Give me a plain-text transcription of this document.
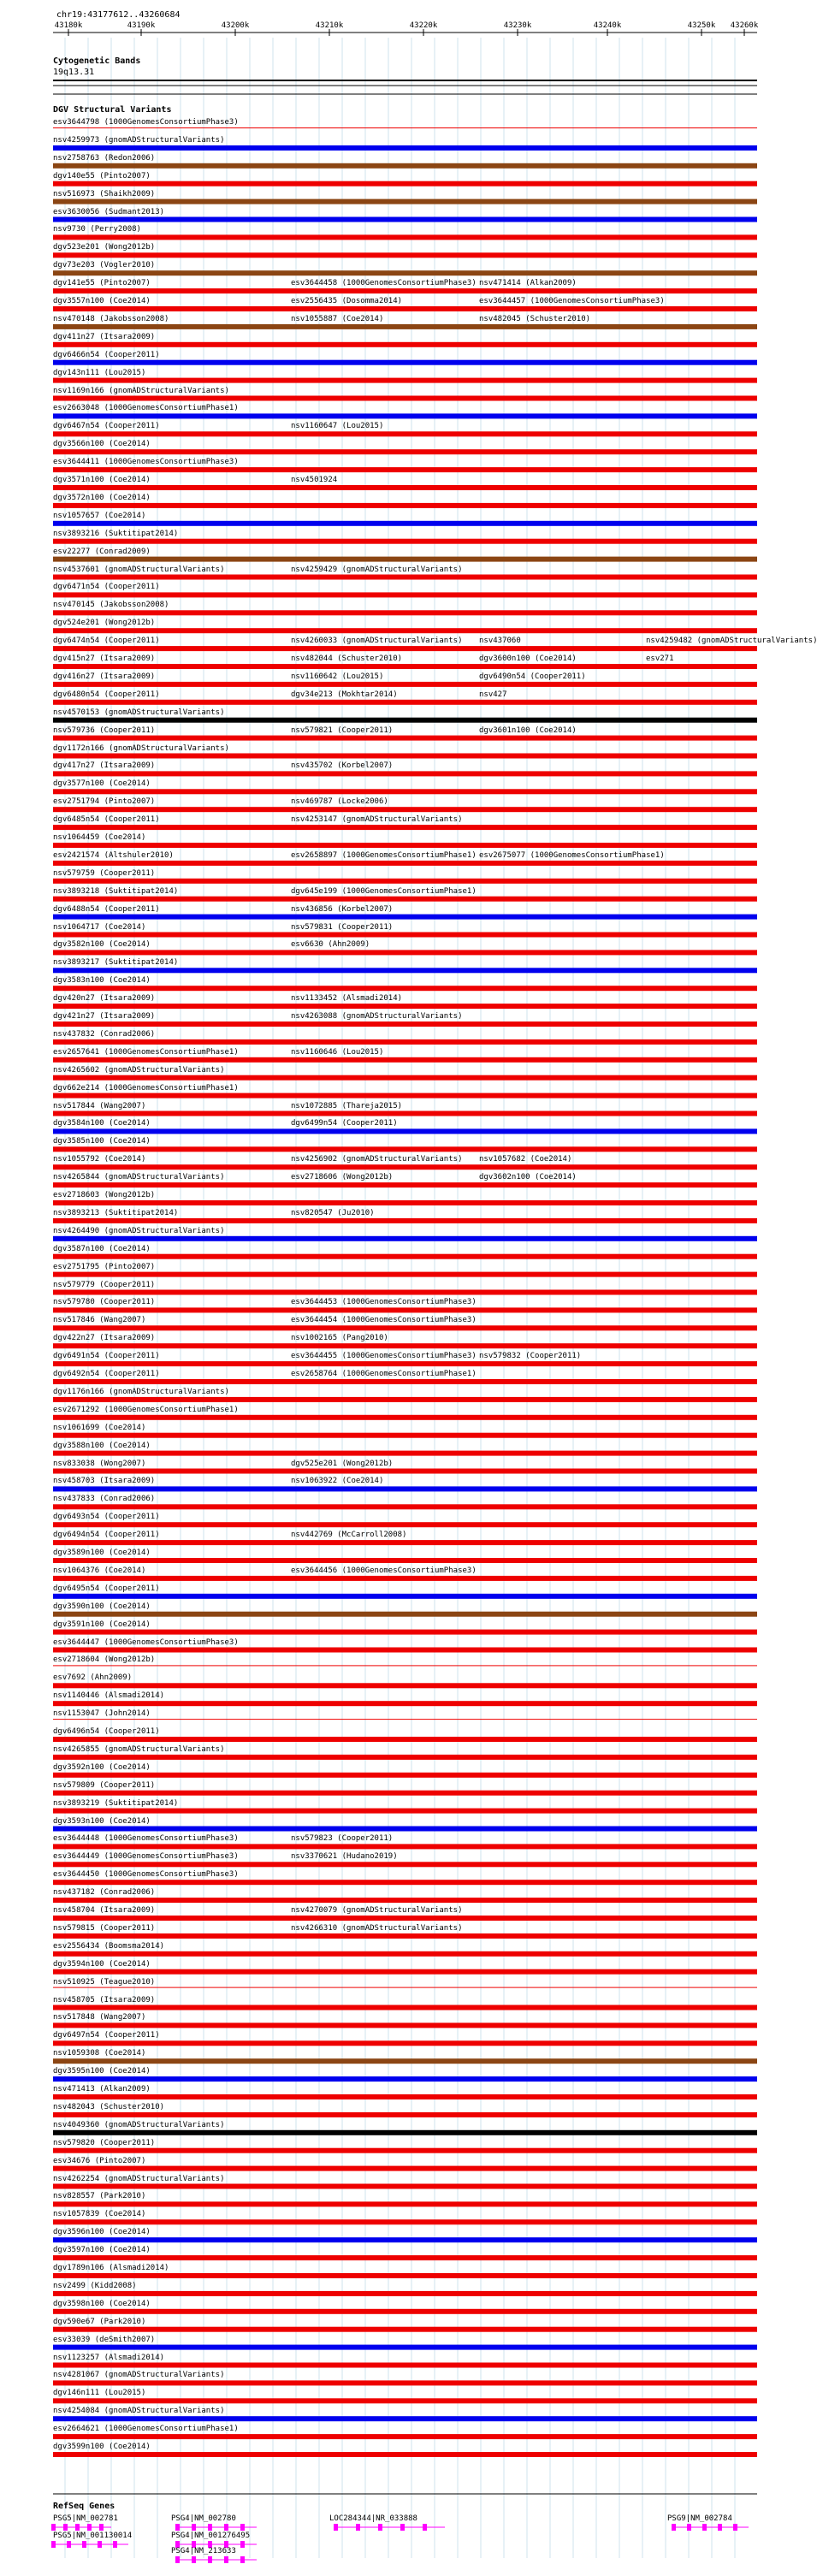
chr19:43177612..43260684
43180k	43190k	43200k	43210k	43220k	43230k	43240k	43250k 43260k
Cytogenetic Bands
19q13.31
DGV Structural Variants
esv3644798 (1000GenomesConsortiumPhase3)
nsv4259973 (gnomADStructuralVariants)
nsv2758763 (Redon2006)
dgv140e55 (Pinto2007)
nsv516973 (Shaikh2009)
esv3630056 (Sudmant2013)
nsv9730 (Perry2008)
dgv523e201 (Wong2012b)
dgv73e203 (Vogler2010)
dgv141e55 (Pinto2007)	esv3644458 (1000GenomesConsortiumPhase3) nsv471414 (Alkan2009)
dgv3557n100 (Coe2014)	esv2556435 (Dosomma2014)	esv3644457 (1000GenomesConsortiumPhase3)
nsv470148 (Jakobsson2008)	nsv1055887 (Coe2014)	nsv482045 (Schuster2010)
dgv411n27 (Itsara2009)
dgv6466n54 (Cooper2011)
dgv143n111 (Lou2015)
nsv1169n166 (gnomADStructuralVariants)
esv2663048 (1000GenomesConsortiumPhase1)
dgv6467n54 (Cooper2011)	nsv1160647 (Lou2015)
dgv3566n100 (Coe2014)
esv3644411 (1000GenomesConsortiumPhase3)
dgv3571n100 (Coe2014)	nsv4501924
dgv3572n100 (Coe2014)
nsv1057657 (Coe2014)
nsv3893216 (Suktitipat2014)
esv22277 (Conrad2009)
nsv4537601 (gnomADStructuralVariants)	nsv4259429 (gnomADStructuralVariants)
dgv6471n54 (Cooper2011)
nsv470145 (Jakobsson2008)
dgv524e201 (Wong2012b)
dgv6474n54 (Cooper2011)	nsv4260033 (gnomADStructuralVariants) nsv437060	nsv4259482 (gnomADStructuralVariants)
dgv415n27 (Itsara2009)	nsv482044 (Schuster2010)	dgv3600n100 (Coe2014)	esv271
dgv416n27 (Itsara2009)	nsv1160642 (Lou2015)	dgv6490n54 (Cooper2011)
dgv6480n54 (Cooper2011)	dgv34e213 (Mokhtar2014)	nsv427
nsv4570153 (gnomADStructuralVariants)
nsv579736 (Cooper2011)	nsv579821 (Cooper2011)	dgv3601n100 (Coe2014)
dgv1172n166 (gnomADStructuralVariants)
dgv417n27 (Itsara2009)	nsv435702 (Korbel2007)
dgv3577n100 (Coe2014)
esv2751794 (Pinto2007)	nsv469787 (Locke2006)
dgv6485n54 (Cooper2011)	nsv4253147 (gnomADStructuralVariants)
nsv1064459 (Coe2014)
esv2421574 (Altshuler2010)	esv2658897 (1000GenomesConsortiumPhase1) esv2675077 (1000GenomesConsortiumPhase1)
nsv579759 (Cooper2011)
nsv3893218 (Suktitipat2014)	dgv645e199 (1000GenomesConsortiumPhase1)
dgv6488n54 (Cooper2011)	nsv436856 (Korbel2007)
nsv1064717 (Coe2014)	nsv579831 (Cooper2011)
dgv3582n100 (Coe2014)	esv6630 (Ahn2009)
nsv3893217 (Suktitipat2014)
dgv3583n100 (Coe2014)
dgv420n27 (Itsara2009)	nsv1133452 (Alsmadi2014)
dgv421n27 (Itsara2009)	nsv4263088 (gnomADStructuralVariants)
nsv437832 (Conrad2006)
esv2657641 (1000GenomesConsortiumPhase1)	nsv1160646 (Lou2015)
nsv4265602 (gnomADStructuralVariants)
dgv662e214 (1000GenomesConsortiumPhase1)
nsv517844 (Wang2007)	nsv1072885 (Thareja2015)
dgv3584n100 (Coe2014)	dgv6499n54 (Cooper2011)
dgv3585n100 (Coe2014)
nsv1055792 (Coe2014)	nsv4256902 (gnomADStructuralVariants) nsv1057682 (Coe2014)
nsv4265844 (gnomADStructuralVariants)	esv2718606 (Wong2012b)	dgv3602n100 (Coe2014)
esv2718603 (Wong2012b)
nsv3893213 (Suktitipat2014)	nsv820547 (Ju2010)
nsv4264490 (gnomADStructuralVariants)
dgv3587n100 (Coe2014)
esv2751795 (Pinto2007)
nsv579779 (Cooper2011)
nsv579780 (Cooper2011)	esv3644453 (1000GenomesConsortiumPhase3)
nsv517846 (Wang2007)	esv3644454 (1000GenomesConsortiumPhase3)
dgv422n27 (Itsara2009)	nsv1002165 (Pang2010)
dgv6491n54 (Cooper2011)	esv3644455 (1000GenomesConsortiumPhase3) nsv579832 (Cooper2011)
dgv6492n54 (Cooper2011)	esv2658764 (1000GenomesConsortiumPhase1)
dgv1176n166 (gnomADStructuralVariants)
esv2671292 (1000GenomesConsortiumPhase1)
nsv1061699 (Coe2014)
dgv3588n100 (Coe2014)
nsv833038 (Wong2007)	dgv525e201 (Wong2012b)
nsv458703 (Itsara2009)	nsv1063922 (Coe2014)
nsv437833 (Conrad2006)
dgv6493n54 (Cooper2011)
dgv6494n54 (Cooper2011)	nsv442769 (McCarroll2008)
dgv3589n100 (Coe2014)
nsv1064376 (Coe2014)	esv3644456 (1000GenomesConsortiumPhase3)
dgv6495n54 (Cooper2011)
dgv3590n100 (Coe2014)
dgv3591n100 (Coe2014)
esv3644447 (1000GenomesConsortiumPhase3)
esv2718604 (Wong2012b)
esv7692 (Ahn2009)
nsv1140446 (Alsmadi2014)
nsv1153047 (John2014)
dgv6496n54 (Cooper2011)
nsv4265855 (gnomADStructuralVariants)
dgv3592n100 (Coe2014)
nsv579809 (Cooper2011)
nsv3893219 (Suktitipat2014)
dgv3593n100 (Coe2014)
esv3644448 (1000GenomesConsortiumPhase3)	nsv579823 (Cooper2011)
esv3644449 (1000GenomesConsortiumPhase3)	nsv3370621 (Hudano2019)
esv3644450 (1000GenomesConsortiumPhase3)
nsv437182 (Conrad2006)
nsv458704 (Itsara2009)	nsv4270079 (gnomADStructuralVariants)
nsv579815 (Cooper2011)	nsv4266310 (gnomADStructuralVariants)
esv2556434 (Boomsma2014)
dgv3594n100 (Coe2014)
nsv510925 (Teague2010)
nsv458705 (Itsara2009)
nsv517848 (Wang2007)
dgv6497n54 (Cooper2011)
nsv1059308 (Coe2014)
dgv3595n100 (Coe2014)
nsv471413 (Alkan2009)
nsv482043 (Schuster2010)
nsv4049360 (gnomADStructuralVariants)
nsv579820 (Cooper2011)
esv34676 (Pinto2007)
nsv4262254 (gnomADStructuralVariants)
nsv828557 (Park2010)
nsv1057839 (Coe2014)
dgv3596n100 (Coe2014)
dgv3597n100 (Coe2014)
dgv1789n106 (Alsmadi2014)
nsv2499 (Kidd2008)
dgv3598n100 (Coe2014)
dgv590e67 (Park2010)
esv33039 (deSmith2007)
nsv1123257 (Alsmadi2014)
nsv4281067 (gnomADStructuralVariants)
dgv146n111 (Lou2015)
nsv4254084 (gnomADStructuralVariants)
esv2664621 (1000GenomesConsortiumPhase1)
dgv3599n100 (Coe2014)
RefSeq Genes
PSG5|NM_002781	PSG4|NM_002780	LOC284344|NR_033888	PSG9|NM_002784
PSG5|NM_001130014	PSG4|NM_001276495
PSG4|NM_213633
